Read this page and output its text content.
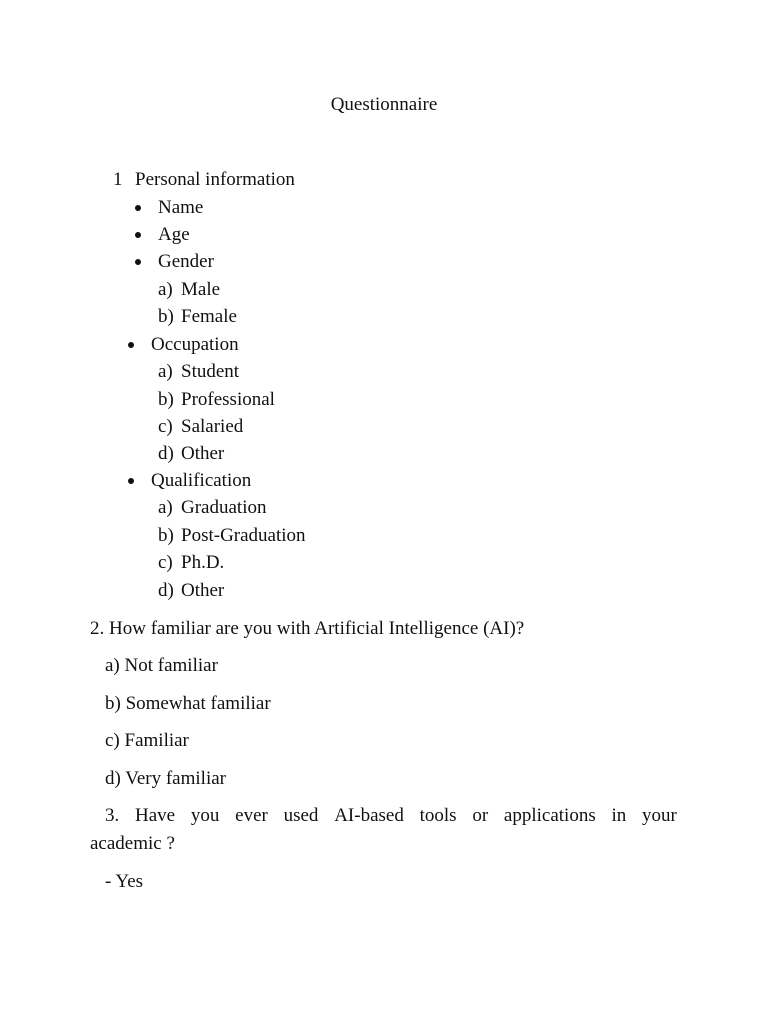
Questionnaire
1 Personal information
Name
Age
Gender
a) Male
b) Female
Occupation
a) Student
b) Professional
c) Salaried
d) Other
Qualification
a) Graduation
b) Post-Graduation
c) Ph.D.
d) Other
2. How familiar are you with Artificial Intelligence (AI)?
a) Not familiar
b) Somewhat familiar
c) Familiar
d) Very familiar
3. Have you ever used AI-based tools or applications in your
academic ?
- Yes
